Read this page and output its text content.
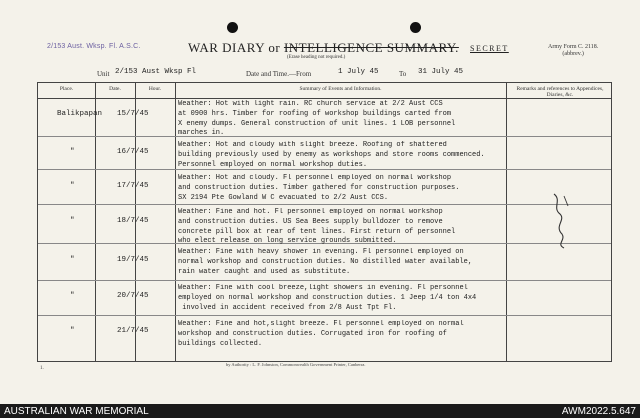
2/153 Aust. Wksp. Fl. A.S.C.	WAR DIARY or INTELLIGENCE SUMMARY.
(Erase heading not required.)
SECRET	Army Form C. 2118.
(abbrev.)
Unit 2/153 Aust Wksp Fl	Date and Time.—From	1 July 45	To 31 July 45
Place.	Date.	Hour.	Summary of Events and Information.	Remarks and references to Appendices, Diaries, &c.
Balikpapan 15/7/45
Weather: Hot with light rain. RC church service at 2/2 Aust CCS
at 0900 hrs. Timber for roofing of workshop buildings carted from
X enemy dumps. General construction of unit lines. 1 LOB personnel
marches in.
"	16/7/45
Weather: Hot and cloudy with slight breeze. Roofing of shattered
building previously used by enemy as workshops and store rooms commenced.
Personnel employed on normal workshop duties.
"	17/7/45
Weather: Hot and cloudy. Fl personnel employed on normal workshop
and construction duties. Timber gathered for construction purposes.
SX 2194 Pte Gowland W C evacuated to 2/2 Aust CCS.
"	18/7/45
Weather: Fine and hot. Fl personnel employed on normal workshop
and construction duties. US Sea Bees supply bulldozer to remove
concrete pill box at rear of tent lines. First return of personnel
who elect release on long service grounds submitted.
"	19/7/45
Weather: Fine with heavy shower in evening. Fl personnel employed on
normal workshop and construction duties. No distilled water available,
rain water caught and used as substitute.
"	20/7/45
Weather: Fine with cool breeze,light showers in evening. Fl personnel
employed on normal workshop and construction duties. 1 Jeep 1/4 ton 4x4
involved in accident received from 2/8 Aust Tpt Fl.
"	21/7/45
Weather: Fine and hot,slight breeze. Fl personnel employed on normal
workshop and construction duties. Corrugated iron for roofing of
buildings collected.
1.
by Authority : L. F. Johnston, Commonwealth Government Printer, Canberra.
AUSTRALIAN WAR MEMORIAL	AWM2022.5.647
